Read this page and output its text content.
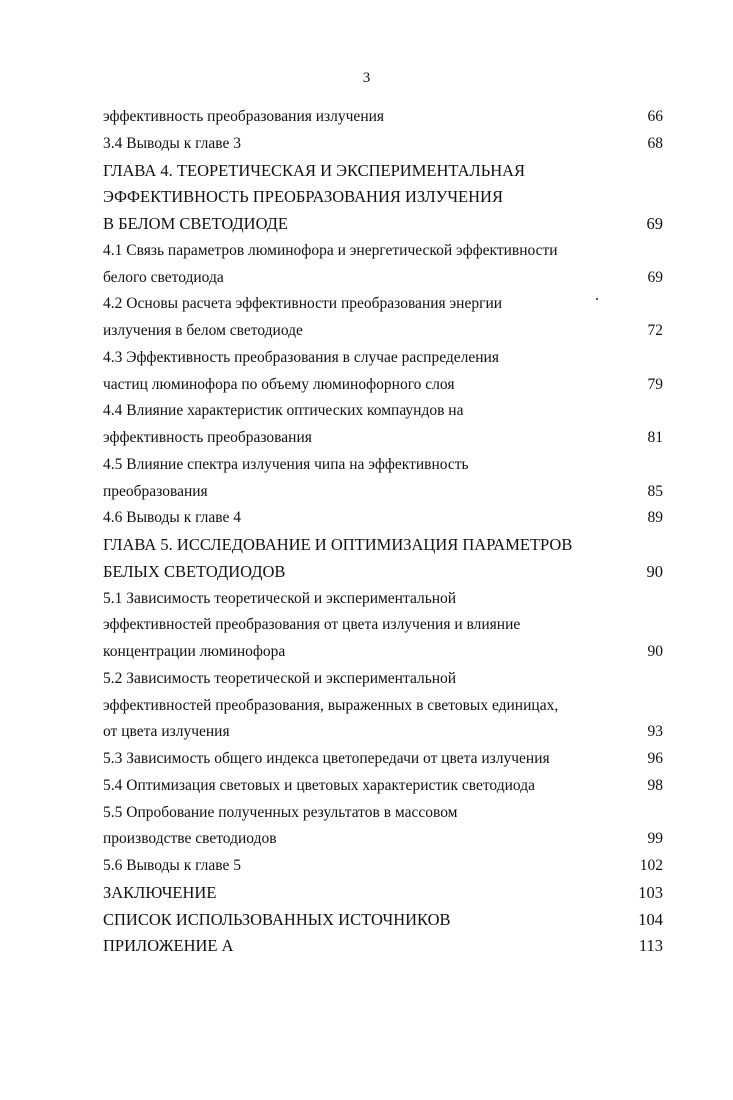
3
эффективность преобразования излучения	66
3.4 Выводы к главе 3	68
ГЛАВА 4. ТЕОРЕТИЧЕСКАЯ И ЭКСПЕРИМЕНТАЛЬНАЯ
ЭФФЕКТИВНОСТЬ ПРЕОБРАЗОВАНИЯ ИЗЛУЧЕНИЯ
В БЕЛОМ СВЕТОДИОДЕ	69
4.1 Связь параметров люминофора и энергетической эффективности
белого светодиода	69
4.2 Основы расчета эффективности преобразования энергии
излучения в белом светодиоде	72
4.3 Эффективность преобразования в случае распределения
частиц люминофора по объему люминофорного слоя	79
4.4 Влияние характеристик оптических компаундов на
эффективность преобразования	81
4.5 Влияние спектра излучения чипа на эффективность
преобразования	85
4.6 Выводы к главе 4	89
ГЛАВА 5. ИССЛЕДОВАНИЕ И ОПТИМИЗАЦИЯ ПАРАМЕТРОВ
БЕЛЫХ СВЕТОДИОДОВ	90
5.1 Зависимость теоретической и экспериментальной
эффективностей преобразования от цвета излучения и влияние
концентрации люминофора	90
5.2 Зависимость теоретической и экспериментальной
эффективностей преобразования, выраженных в световых единицах,
от цвета излучения	93
5.3 Зависимость общего индекса цветопередачи от цвета излучения	96
5.4 Оптимизация световых и цветовых характеристик светодиода	98
5.5 Опробование полученных результатов в массовом
производстве светодиодов	99
5.6 Выводы к главе 5	102
ЗАКЛЮЧЕНИЕ	103
СПИСОК ИСПОЛЬЗОВАННЫХ ИСТОЧНИКОВ	104
ПРИЛОЖЕНИЕ А	113
